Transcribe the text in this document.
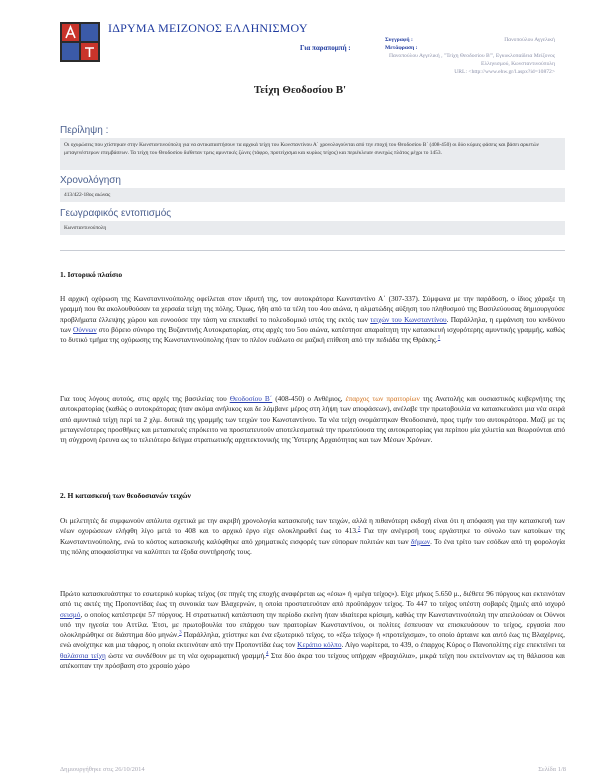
ΙΔΡΥΜΑ ΜΕΙΖΟΝΟΣ ΕΛΛΗΝΙΣΜΟΥ
Για παραπομπή :
Συγγραφή :	Πανοπούλου Αγγελική
Μετάφραση :
Πανοπούλου Αγγελική , "Τείχη Θεοδοσίου Β'", Εγκυκλοπαίδεια Μείζονος Ελληνισμού, Κωνσταντινούπολη
URL: <http://www.ehw.gr/l.aspx?id=10872>
Τείχη Θεοδοσίου Β'
Περίληψη :

Οι οχυρώσεις που χτίστηκαν στην Κωνσταντινούπολη για να αντικαταστήσουν τα αρχικά τείχη του Κωνσταντίνου Α΄ χρονολογούνται από την εποχή του Θεοδοσίου Β΄ (408-450) οι δύο κύριες φάσεις και βάσει αρκετών μεταγενέστερων επεμβάσεων. Τα τείχη του Θεοδοσίου διέθεταν τρεις αμυντικές ζώνες (τάφρο, προτείχισμα και κυρίως τείχος) και περιέκλειαν συνεχώς πλάτος μέχρι το 1453.

Χρονολόγηση

413/422-18ος αιώνας

Γεωγραφικός εντοπισμός

Κωνσταντινούπολη

1. Ιστορικό πλαίσιο

Η αρχική οχύρωση της Κωνσταντινούπολης οφείλεται στον ιδρυτή της, τον αυτοκράτορα Κωνσταντίνο Α΄ (307-337). Σύμφωνα με την παράδοση, ο ίδιος χάραξε τη γραμμή που θα ακολουθούσαν τα χερσαία τείχη της πόλης. Όμως, ήδη από τα τέλη του 4ου αιώνα, η αλματώδης αύξηση του πληθυσμού της Βασιλεύουσας δημιουργούσε προβλήματα έλλειψης χώρου και ευνοούσε την τάση να επεκταθεί το πολεοδομικό ιστός της εκτός των τειχών του Κωνσταντίνου. Παράλληλα, η εμφάνιση του κινδύνου των Ούννων στο βόρειο σύνορο της Βυζαντινής Αυτοκρατορίας, στις αρχές του 5ου αιώνα, κατέστησε απαραίτητη την κατασκευή ισχυρότερης αμυντικής γραμμής, καθώς το δυτικό τμήμα της οχύρωσης της Κωνσταντινούπολης ήταν το πλέον ευάλωτο σε μαζική επίθεση από την πεδιάδα της Θράκης.$^1$

Για τους λόγους αυτούς, στις αρχές της βασιλείας του Θεοδοσίου Β΄ (408-450) ο Ανθέμιος, έπαρχος των πραιτορίων της Ανατολής και ουσιαστικός κυβερνήτης της αυτοκρατορίας (καθώς ο αυτοκράτορας ήταν ακόμα ανήλικος και δε λάμβανε μέρος στη λήψη των αποφάσεων), ανέλαβε την πρωτοβουλία να κατασκευάσει μια νέα σειρά από αμυντικά τείχη περί τα 2 χλμ. δυτικά της γραμμής των τειχών του Κωνσταντίνου. Τα νέα τείχη ονομάστηκαν Θεοδοσιανά, προς τιμήν του αυτοκράτορα. Μαζί με τις μεταγενέστερες προσθήκες και μετασκευές επρόκειτο να προστατευτούν αποτελεσματικά την πρωτεύουσα της αυτοκρατορίας για περίπου μία χιλιετία και θεωρούνται από τη σύγχρονη έρευνα ως το τελειότερο δείγμα στρατιωτικής αρχιτεκτονικής της Ύστερης Αρχαιότητας και των Μέσων Χρόνων.

2. Η κατασκευή των θεοδοσιανών τειχών

Οι μελετητές δε συμφωνούν απόλυτα σχετικά με την ακριβή χρονολογία κατασκευής των τειχών, αλλά η πιθανότερη εκδοχή είναι ότι η απόφαση για την κατασκευή των νέων οχυρώσεων ελήφθη λίγο μετά το 408 και το αρχικό έργο είχε ολοκληρωθεί έως το 413.$^2$ Για την ανέγερσή τους εργάστηκε το σύνολο των κατοίκων της Κωνσταντινούπολης, ενώ το κόστος κατασκευής καλύφθηκε από χρηματικές εισφορές των εύπορων πολιτών και των δήμων. Το ένα τρίτο των εσόδων από τη φορολογία της πόλης αποφασίστηκε να καλύπτει τα έξοδα συντήρησής τους.

Πρώτο κατασκευάστηκε το εσωτερικό κυρίως τείχος (σε πηγές της εποχής αναφέρεται ως «έσω» ή «μέγα τείχος»). Είχε μήκος 5.650 μ., διέθετε 96 πύργους και εκτεινόταν από τις ακτές της Προποντίδας έως τη συνοικία των Βλαχερνών, η οποία προστατευόταν από προϋπάρχον τείχος. Το 447 το τείχος υπέστη σοβαρές ζημιές από ισχυρό σεισμό, ο οποίος κατέστρεψε 57 πύργους. Η στρατιωτική κατάσταση την περίοδο εκείνη ήταν ιδιαίτερα κρίσιμη, καθώς την Κωνσταντινούπολη την απειλούσαν οι Ούννοι υπό την ηγεσία του Αττίλα. Έτσι, με πρωτοβουλία του επάρχου των πραιτορίων Κωνσταντίνου, οι πολίτες έσπευσαν να επισκευάσουν το τείχος, εργασία που ολοκληρώθηκε σε διάστημα δύο μηνών.$^3$ Παράλληλα, χτίστηκε και ένα εξωτερικό τείχος, το «έξω τείχος» ή «προτείχισμα», το οποίο άρταινε και αυτό έως τις Βλαχέρνες, ενώ ανοίχτηκε και μια τάφρος, η οποία εκτεινόταν από την Προποντίδα έως τον Κεράτιο κόλπο. Λίγο νωρίτερα, το 439, ο έπαρχος Κύρος ο Πανοπολίτης είχε επεκτείνει τα θαλάσσια τείχη ώστε να συνδέθουν με τη νέα οχυρωματική γραμμή.$^4$ Στα δύο άκρα του τείχους υπήρχαν «βραχιόλια», μικρά τείχη που εκτείνονταν ως τη θάλασσα και απέκοπταν την πρόσβαση στο χερσαίο χώρο

Δημιουργήθηκε στις 26/10/2014	Σελίδα 1/8
